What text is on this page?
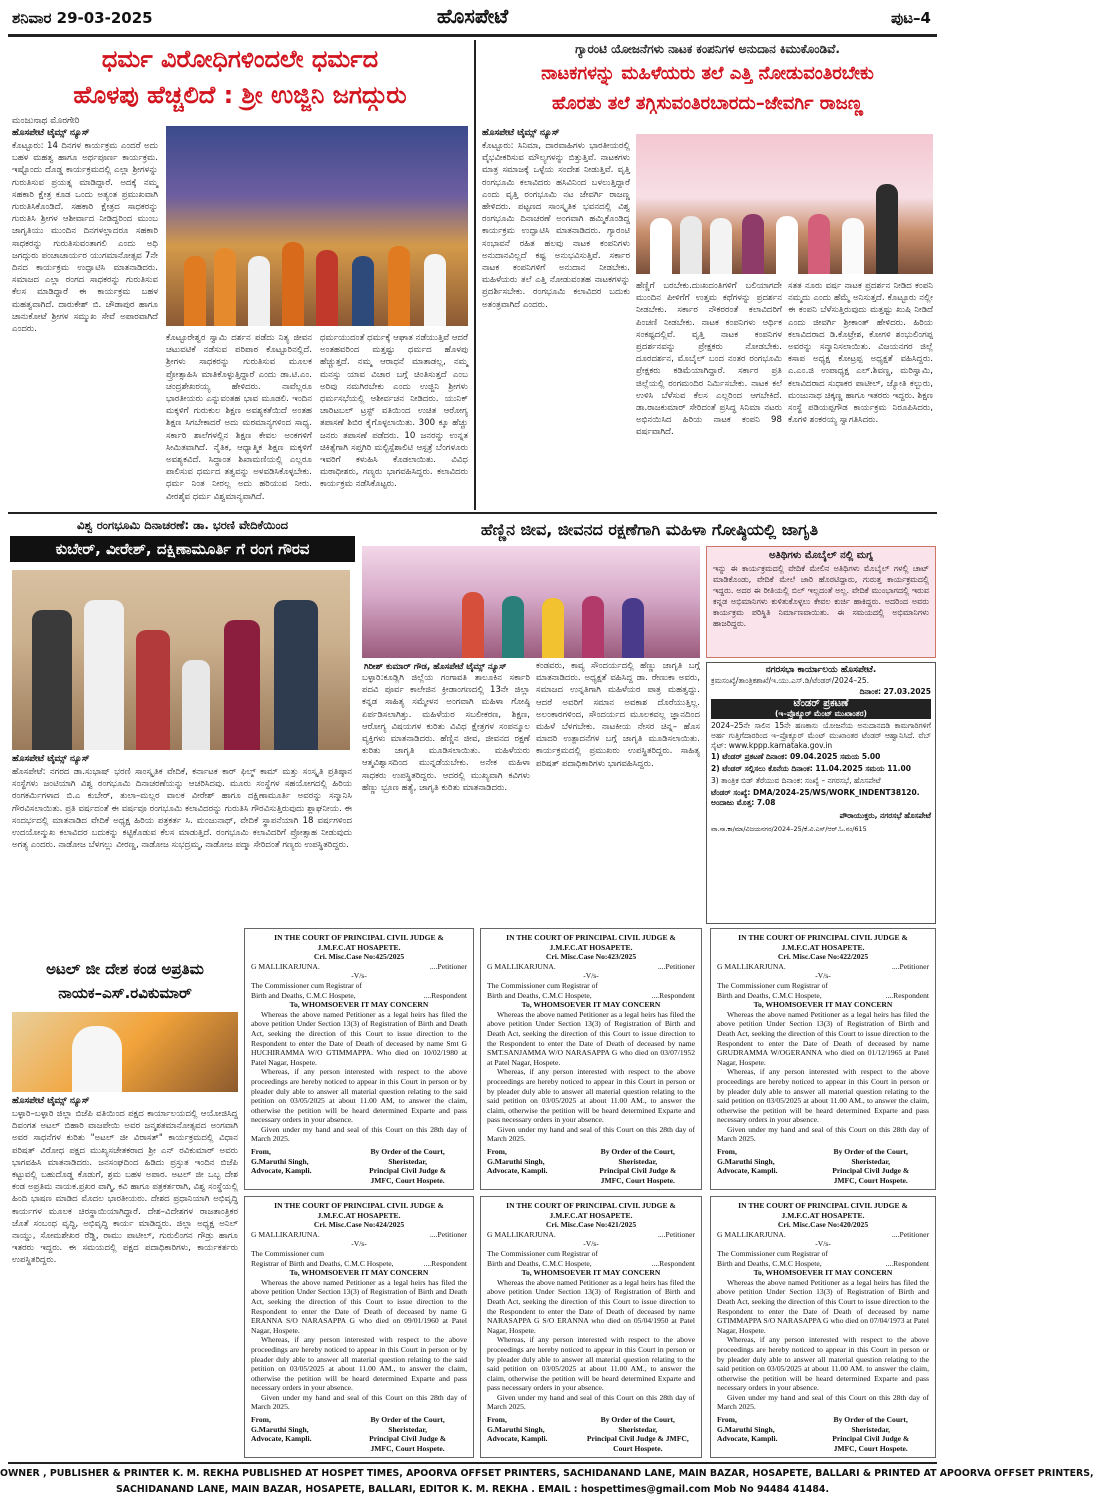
ಶನಿವಾರ 29-03-2025	ಹೊಸಪೇಟೆ	ಪುಟ–4
ಧರ್ಮ ವಿರೋಧಿಗಳಿಂದಲೇ ಧರ್ಮದ
ಹೊಳಪು ಹೆಚ್ಚಲಿದೆ : ಶ್ರೀ ಉಜ್ಜಿನಿ ಜಗದ್ಗುರು
ಮಂಜುನಾಥ ಮೊರಗೇರಿ
ಹೊಸಪೇಟೆ ಟೈಮ್ಸ್ ನ್ಯೂಸ್
ಕೊಟ್ಟೂರು: 14 ದಿನಗಳ ಕಾರ್ಯಕ್ರಮ ಎಂದರೆ ಅದು ಬಹಳ ಮಹತ್ವ ಹಾಗೂ ಅರ್ಥಪೂರ್ಣ ಕಾರ್ಯಕ್ರಮ. ಇಷ್ಟೊಂದು ದೊಡ್ಡ ಕಾರ್ಯಕ್ರಮದಲ್ಲಿ ಎಲ್ಲಾ ಶ್ರೀಗಳನ್ನು ಗುರುತಿಸುವ ಪ್ರಯತ್ನ ಮಾಡಿದ್ದಾರೆ. ಅದಕ್ಕೆ ನಮ್ಮ ಸಹಕಾರಿ ಕ್ಷೇತ್ರ ಕೂಡ ಒಂದು ಅತ್ಯಂತ ಪ್ರಮುಖವಾಗಿ ಗುರುತಿಸಿಕೊಂಡಿದೆ. ಸಹಕಾರಿ ಕ್ಷೇತ್ರದ ಸಾಧಕರನ್ನು ಗುರುತಿಸಿ ಶ್ರೀಗಳ ಆಶೀರ್ವಾದ ನೀಡಿದ್ದರಿಂದ ಮುಂಬ ಜಾಗೃತಿಯು ಮುಂದಿನ ದಿನಗಳಲ್ಲಾದರೂ ಸಹಕಾರಿ ಸಾಧಕರನ್ನು ಗುರುತಿಸುವಂತಾಗಲಿ ಎಂದು ಅಧಿ ಜಗದ್ಗುರು ಪಂಚಾಚಾರ್ಯರ ಯುಗಮಾನೋತ್ಸವ 7ನೇ ದಿನದ ಕಾರ್ಯಕ್ರಮ ಉದ್ಘಾಟಿಸಿ ಮಾತನಾಡಿದರು. ಸಮಾಜದ ಎಲ್ಲಾ ರಂಗದ ಸಾಧಕರನ್ನು ಗುರುತಿಸುವ ಕೆಲಸ ಮಾಡಿದ್ದಾರೆ ಈ ಕಾರ್ಯಕ್ರಮ ಬಹಳ ಮಹತ್ವವಾಗಿದೆ. ದಾರುಕೇಶ್ ಬಿ. ಚೌಡಾಪುರ ಹಾಗೂ ಚಾನುಕೋಟೆ ಶ್ರೀಗಳ ಸಮ್ಮುಖ ಸೇವೆ ಅಪಾರವಾಗಿದೆ ಎಂದರು.
ಕೊಟ್ಟೂರೇಶ್ವರ ಸ್ವಾಮಿ ದರ್ಶನ ಪಡೆದು ನಿತ್ಯ ಜೀವನ ಚಟುವಟಿಕೆ ನಡೆಸುವ ಪರಿಪಾಠ ಕೊಟ್ಟೂರಿನಲ್ಲಿದೆ. ಶ್ರೀಗಳು ಸಾಧಕರನ್ನು ಗುರುತಿಸುವ ಮೂಲಕ ಪ್ರೋತ್ಸಾಹಿಸಿ ಮಾತಿಕೊಳ್ಳುತ್ತಿದ್ದಾರೆ ಎಂದು ಡಾ.ಟಿ.ಎಂ. ಚಂದ್ರಶೇಖರಯ್ಯ ಹೇಳಿದರು. ನಾವೆಲ್ಲರೂ ಭಾರತೀಯರು ಎನ್ನುವಂತಹ ಭಾವ ಮೂಡಲಿ. ಇಂದಿನ ಮಕ್ಕಳಿಗೆ ಗುರುಕುಲ ಶಿಕ್ಷಣ ಅವಶ್ಯಕತೆಯಿದೆ ಅಂತಹ ಶಿಕ್ಷಣ ಸಿಗಬೇಕಾದರೆ ಅದು ಮಠಮಾನ್ಯಗಳಿಂದ ಸಾಧ್ಯ. ಸರ್ಕಾರಿ ಶಾಲೆಗಳಲ್ಲಿನ ಶಿಕ್ಷಣ ಕೇವಲ ಅಂಕಗಳಿಗೆ ಸೀಮಿತವಾಗಿದೆ. ನೈತಿಕ, ಆಧ್ಯಾತ್ಮಿಕ ಶಿಕ್ಷಣ ಮಕ್ಕಳಿಗೆ ಅವಶ್ಯಕವಿದೆ. ಸಿದ್ಧಾಂತ ಶಿಖಾಮಣಿಯಲ್ಲಿ ಎಲ್ಲರೂ ಪಾಲಿಸುವ ಧರ್ಮದ ತತ್ವವನ್ನು ಅಳವಡಿಸಿಕೊಳ್ಳಬೇಕು. ಧರ್ಮ ನಿಂತ ನೀರಲ್ಲ ಅದು ಹರಿಯುವ ನೀರು. ವೀರಶೈವ ಧರ್ಮ ವಿಶ್ವಮಾನ್ಯವಾಗಿದೆ.
ಧರ್ಮಯುದಂತೆ ಧರ್ಮಕ್ಕೆ ಆಘಾತ ನಡೆಯುತ್ತಿವೆ ಆದರೆ ಅಂತಹವರಿಂದ ಮತ್ತಷ್ಟು ಧರ್ಮದ ಹೊಳಪು ಹೆಚ್ಚುತ್ತದೆ. ನಮ್ಮ ಆರಾಧನೆ ಮಾತಾಡಲ್ಲ, ನಮ್ಮ ಮನಸ್ಸು ಯಾವ ವಿಚಾರ ಬಗ್ಗೆ ಚಿಂತಿಸುತ್ತದೆ ಎಂಬ ಅರಿವು ನಮಗಿರಬೇಕು ಎಂದು ಉಜ್ಜಿನಿ ಶ್ರೀಗಳು ಧರ್ಮಸಭೆಯಲ್ಲಿ ಆಶೀರ್ವಚನ ನೀಡಿದರು. ಯುನಿಕ್ ಚಾರಿಟಬಲ್ ಟ್ರಸ್ಟ್ ವತಿಯಿಂದ ಉಚಿತ ಆರೋಗ್ಯ ತಪಾಸಣೆ ಶಿಬಿರ ಕೈಗೊಳ್ಳಲಾಯಿತು. 300 ಕ್ಕೂ ಹೆಚ್ಚು ಜನರು ತಪಾಸಣೆ ಪಡೆದರು. 10 ಜನರನ್ನು ಉನ್ನತ ಚಿಕಿತ್ಸೆಗಾಗಿ ಸಪ್ತಗಿರಿ ಮಲ್ಟಿಸ್ಪೆಶಾಲಿಟಿ ಆಸ್ಪತ್ರೆ ಬೆಂಗಳೂರು ಇವರಿಗೆ ಕಳುಹಿಸಿ ಕೊಡಲಾಯಿತು. ವಿವಿಧ ಮಠಾಧೀಶರು, ಗಣ್ಯರು ಭಾಗವಹಿಸಿದ್ದರು. ಕಲಾವಿದರು ಕಾರ್ಯಕ್ರಮ ನಡೆಸಿಕೊಟ್ಟರು.
ಗ್ಯಾರಂಟಿ ಯೋಜನೆಗಳು ನಾಟಕ ಕಂಪನಿಗಳ ಅನುದಾನ ಕಿಮುಕೊಂಡಿವೆ.
ನಾಟಕಗಳನ್ನು ಮಹಿಳೆಯರು ತಲೆ ಎತ್ತಿ ನೋಡುವಂತಿರಬೇಕು
ಹೊರತು ತಲೆ ತಗ್ಗಿಸುವಂತಿರಬಾರದು–ಜೇವರ್ಗಿ ರಾಜಣ್ಣ
ಹೊಸಪೇಟೆ ಟೈಮ್ಸ್ ನ್ಯೂಸ್
ಕೊಟ್ಟೂರು: ಸಿನಿಮಾ, ದಾರವಾಹಿಗಳು ಭಾರತೀಯರಲ್ಲಿ ವೈಭವೀಕರಿಸುವ ಮೌಲ್ಯಗಳನ್ನು ಬಿತ್ತುತ್ತಿವೆ. ನಾಟಕಗಳು ಮಾತ್ರ ಸಮಾಜಕ್ಕೆ ಒಳ್ಳೆಯ ಸಂದೇಶ ನೀಡುತ್ತಿವೆ. ವೃತ್ತಿ ರಂಗಭೂಮಿ ಕಲಾವಿದರು ಹಸಿವಿನಿಂದ ಬಳಲುತ್ತಿದ್ದಾರೆ ಎಂದು ವೃತ್ತಿ ರಂಗಭೂಮಿ ನಟ ಜೇವರ್ಗಿ ರಾಜಣ್ಣ ಹೇಳಿದರು. ಪಟ್ಟಣದ ಸಾಂಸ್ಕೃತಿಕ ಭವನದಲ್ಲಿ ವಿಶ್ವ ರಂಗಭೂಮಿ ದಿನಾಚರಣೆ ಅಂಗವಾಗಿ ಹಮ್ಮಿಕೊಂಡಿದ್ದ ಕಾರ್ಯಕ್ರಮ ಉದ್ಘಾಟಿಸಿ ಮಾತನಾಡಿದರು. ಗ್ಯಾರಂಟಿ ಸಂಭಾವನೆ ರಹಿತ ಹಲವು ನಾಟಕ ಕಂಪನಿಗಳು ಅನುದಾನವಿಲ್ಲದೆ ಕಷ್ಟ ಅನುಭವಿಸುತ್ತಿವೆ. ಸರ್ಕಾರ ನಾಟಕ ಕಂಪನಿಗಳಿಗೆ ಅನುದಾನ ನೀಡಬೇಕು. ಮಹಿಳೆಯರು ತಲೆ ಎತ್ತಿ ನೋಡುವಂತಹ ನಾಟಕಗಳನ್ನು ಪ್ರದರ್ಶಿಸಬೇಕು. ರಂಗಭೂಮಿ ಕಲಾವಿದರ ಬದುಕು ಅತಂತ್ರವಾಗಿದೆ ಎಂದರು.
ಹೆಣ್ಣಿಗೆ ಬರಬೇಕು.ದುಃಖದಂತಿಗಳಿಗೆ ಬಲಿಯಾಗದೇ ಮುಂದಿನ ಪೀಳಿಗೆಗೆ ಉತ್ತಮ ಕಥೆಗಳನ್ನು ಪ್ರದರ್ಶನ ನೀಡಬೇಕು. ಸರ್ಕಾರ ನೌಕರರಂತೆ ಕಲಾವಿದರಿಗೆ ಪಿಂಚಣಿ ನೀಡಬೇಕು. ನಾಟಕ ಕಂಪನಿಗಳು ಆರ್ಥಿಕ ಸಂಕಷ್ಟದಲ್ಲಿವೆ. ವೃತ್ತಿ ನಾಟಕ ಕಂಪನಿಗಳ ಪ್ರದರ್ಶನವನ್ನು ಪ್ರೇಕ್ಷಕರು ನೋಡಬೇಕು. ದೂರದರ್ಶನ, ಮೊಬೈಲ್ ಬಂದ ನಂತರ ರಂಗಭೂಮಿ ಪ್ರೇಕ್ಷಕರು ಕಡಿಮೆಯಾಗಿದ್ದಾರೆ. ಸರ್ಕಾರ ಪ್ರತಿ ಜಿಲ್ಲೆಯಲ್ಲಿ ರಂಗಮಂದಿರ ನಿರ್ಮಿಸಬೇಕು. ನಾಟಕ ಕಲೆ ಉಳಿಸಿ ಬೆಳೆಸುವ ಕೆಲಸ ಎಲ್ಲರಿಂದ ಆಗಬೇಕಿದೆ. ಡಾ.ರಾಜಕುಮಾರ್ ಸೇರಿದಂತೆ ಪ್ರಸಿದ್ಧ ಸಿನಿಮಾ ನಟರು ಅಭಿನಯಿಸಿದ ಹಿರಿಯ ನಾಟಕ ಕಂಪನಿ 98 ವರ್ಷವಾಗಿದೆ.
ಸತತ ನೂರು ವರ್ಷ ನಾಟಕ ಪ್ರದರ್ಶನ ನೀಡಿದ ಕಂಪನಿ ನಮ್ಮದು ಎಂದು ಹೆಮ್ಮೆ ಅನಿಸುತ್ತದೆ. ಕೊಟ್ಟೂರು ನಲ್ಲೀ ಈ ಕಂಪನಿ ಬೆಳೆಸುತ್ತಿರುವುದು ಮತ್ತಷ್ಟು ಖುಷಿ ನೀಡಿದೆ ಎಂದು ಜೀವರ್ಗಿ ಶ್ರೀಕಾಂತ್ ಹೇಳಿದರು. ಹಿರಿಯ ಕಲಾವಿದರಾದ ಡಿ.ಕೊಟ್ರೇಶ, ಕೋಗಳಿ ಶಂಭುಲಿಂಗಪ್ಪ ಅವರನ್ನು ಸನ್ಮಾನಿಸಲಾಯಿತು. ವಿಜಯನಗರ ಜಿಲ್ಲೆ ಕಸಾಪ ಅಧ್ಯಕ್ಷ ಕೋಟ್ರಪ್ಪ ಅಧ್ಯಕ್ಷತೆ ವಹಿಸಿದ್ದರು. ಎ.ಎಂ.ಜಿ ಉಪಾಧ್ಯಕ್ಷ ಎಲ್.ಶಿವಣ್ಣ, ಮರಿಸ್ವಾಮಿ, ಕಲಾವಿದರಾದ ಸುಧಾಕರ ಪಾಟೀಲ್, ಜ್ಯೋತಿ ಕಲ್ಬುರು, ಮಂಜುನಾಥ ಚಿಕ್ಕಣ್ಣ ಹಾಗೂ ಇತರರು ಇದ್ದರು. ಶಿಕ್ಷಣ ಸಂಸ್ಥೆ ಪಡಿಯಪ್ಪಗೌಡ ಕಾರ್ಯಕ್ರಮ ನಿರೂಪಿಸಿದರು, ಕೊಗಳಿ ಶಂಕರಯ್ಯ ಸ್ವಾಗತಿಸಿದರು.
ವಿಶ್ವ ರಂಗಭೂಮಿ ದಿನಾಚರಣೆ: ಡಾ. ಭರಣಿ ವೇದಿಕೆಯಿಂದ
ಕುಬೇರ್, ವೀರೇಶ್, ದಕ್ಷಿಣಾಮೂರ್ತಿ ಗೆ ರಂಗ ಗೌರವ
ಹೊಸಪೇಟೆ ಟೈಮ್ಸ್ ನ್ಯೂಸ್
ಹೊಸಪೇಟೆ: ನಗರದ ಡಾ.ಸುಭಾಷ್ ಭರಣಿ ಸಾಂಸ್ಕೃತಿಕ ವೇದಿಕೆ, ಕರ್ನಾಟಕ ಕಾರ್ ಫಿಲ್ಮ್ ಕಾಮ್ ಮತ್ತು ಸಂಸ್ಕೃತಿ ಪ್ರತಿಷ್ಠಾನ ಸಂಸ್ಥೆಗಳು ಜಂಟಿಯಾಗಿ ವಿಶ್ವ ರಂಗಭೂಮಿ ದಿನಾಚರಣೆಯನ್ನು ಆಚರಿಸಿದವು. ಮೂರು ಸಂಸ್ಥೆಗಳ ಸಹಯೋಗದಲ್ಲಿ ಹಿರಿಯ ರಂಗಕರ್ಮಿಗಳಾದ ಬಿ.ಎ ಕುಬೇರ್, ತುಲಾ–ಮಲ್ಲರ ವಾಲಕ ವೀರೇಶ್ ಹಾಗೂ ದಕ್ಷಿಣಾಮೂರ್ತಿ ಅವರನ್ನು ಸನ್ಮಾನಿಸಿ ಗೌರವಿಸಲಾಯಿತು. ಪ್ರತಿ ವರ್ಷದಂತೆ ಈ ವರ್ಷವೂ ರಂಗಭೂಮಿ ಕಲಾವಿದರನ್ನು ಗುರುತಿಸಿ ಗೌರವಿಸುತ್ತಿರುವುದು ಶ್ಲಾಘನೀಯ. ಈ ಸಂದರ್ಭದಲ್ಲಿ ಮಾತನಾಡಿದ ವೇದಿಕೆ ಅಧ್ಯಕ್ಷ ಹಿರಿಯ ಪತ್ರಕರ್ತ ಸಿ. ಮಂಜುನಾಥ್, ವೇದಿಕೆ ಸ್ಥಾಪನೆಯಾಗಿ 18 ವರ್ಷಗಳಿಂದ ಉದಯೋನ್ಮುಖ ಕಲಾವಿದರ ಬದುಕನ್ನು ಕಟ್ಟಿಕೊಡುವ ಕೆಲಸ ಮಾಡುತ್ತಿದೆ. ರಂಗಭೂಮಿ ಕಲಾವಿದರಿಗೆ ಪ್ರೋತ್ಸಾಹ ನೀಡುವುದು ಅಗತ್ಯ ಎಂದರು. ನಾಡೋಜ ಬೆಳಗಲ್ಲು ವೀರಣ್ಣ, ನಾಡೋಜ ಸುಭದ್ರಮ್ಮ, ನಾಡೋಜ ಪದ್ಮಾ ಸೇರಿದಂತೆ ಗಣ್ಯರು ಉಪಸ್ಥಿತರಿದ್ದರು.
ಅಟಲ್ ಜೀ ದೇಶ ಕಂಡ ಅಪ್ರತಿಮ
ನಾಯಕ–ಎಸ್.ರವಿಕುಮಾರ್
ಹೊಸಪೇಟೆ ಟೈಮ್ಸ್ ನ್ಯೂಸ್
ಬಳ್ಳಾರಿ–ಬಳ್ಳಾರಿ ಜಿಲ್ಲಾ ಬಿಜೆಪಿ ವತಿಯಿಂದ ಪಕ್ಷದ ಕಾರ್ಯಾಲಯದಲ್ಲಿ ಆಯೋಜಿಸಿದ್ದ ದಿವಂಗತ ಅಟಲ್ ಬಿಹಾರಿ ವಾಜಪೇಯಿ ಅವರ ಜನ್ಮಶತಮಾನೋತ್ಸವದ ಅಂಗವಾಗಿ ಅವರ ಸಾಧನೆಗಳ ಕುರಿತು "ಅಟಲ್ ಜೀ ವಿರಾಸತ್" ಕಾರ್ಯಕ್ರಮದಲ್ಲಿ ವಿಧಾನ ಪರಿಷತ್ ವಿರೋಧ ಪಕ್ಷದ ಮುಖ್ಯಸಚೇತಕರಾದ ಶ್ರೀ ಎನ್ ರವಿಕುಮಾರ್ ಅವರು ಭಾಗವಹಿಸಿ ಮಾತನಾಡಿದರು. ಜನಸಂಘದಿಂದ ಹಿಡಿದು ಪ್ರಸ್ತುತ ಇಂದಿನ ಬಿಜೆಪಿ ಕಟ್ಟುವಲ್ಲಿ ಬಹುದೊಡ್ಡ ಕೊಡುಗೆ, ಶ್ರಮ ಬಹಳ ಅಪಾರ. ಅಟಲ್ ಜೀ ಒಬ್ಬ ದೇಶ ಕಂಡ ಅಪ್ರತಿಮ ನಾಯಕ.ಪ್ರಖರ ವಾಗ್ಮಿ, ಕವಿ ಹಾಗೂ ಪತ್ರಕರ್ತರಾಗಿ, ವಿಶ್ವ ಸಂಸ್ಥೆಯಲ್ಲಿ ಹಿಂದಿ ಭಾಷಣ ಮಾಡಿದ ಮೊದಲ ಭಾರತೀಯರು. ದೇಶದ ಪ್ರಧಾನಿಯಾಗಿ ಅಭಿವೃದ್ಧಿ ಕಾರ್ಯಗಳ ಮೂಲಕ ಚಿರಸ್ಥಾಯಿಯಾಗಿದ್ದಾರೆ. ದೇಶ–ವಿದೇಶಗಳ ರಾಜತಾಂತ್ರಿಕರ ಜೊತೆ ಸಂಬಂಧ ವೃದ್ಧಿ, ಅಭಿವೃದ್ಧಿ ಕಾರ್ಯ ಮಾಡಿದ್ದರು. ಜಿಲ್ಲಾ ಅಧ್ಯಕ್ಷ ಅನಿಲ್ ನಾಯ್ಡು, ಸೋಮಶೇಖರ ರೆಡ್ಡಿ, ರಾಮು ಪಾಟೀಲ್, ಗುರುಲಿಂಗನ ಗೌಡ್ರು ಹಾಗೂ ಇತರರು ಇದ್ದರು. ಈ ಸಮಯದಲ್ಲಿ ಪಕ್ಷದ ಪದಾಧಿಕಾರಿಗಳು, ಕಾರ್ಯಕರ್ತರು ಉಪಸ್ಥಿತರಿದ್ದರು.
ಹೆಣ್ಣಿನ ಜೀವ, ಜೀವನದ ರಕ್ಷಣೆಗಾಗಿ ಮಹಿಳಾ ಗೋಷ್ಠಿಯಲ್ಲಿ ಜಾಗೃತಿ
ಅತಿಥಿಗಳು ಮೊಬೈಲ್ ನಲ್ಲಿ ಮಗ್ನ
ಇನ್ನು ಈ ಕಾರ್ಯಕ್ರಮದಲ್ಲಿ ವೇದಿಕೆ ಮೇಲಿನ ಅತಿಥಿಗಳು ಮೊಬೈಲ್ ಗಳಲ್ಲಿ ಚಾಟ್ ಮಾಡಿಕೊಂಡು, ವೇದಿಕೆ ಮೇಲೆ ಜಾರಿ ಹೊರಟಿದ್ದಾರು, ಗುರುತ್ತ ಕಾರ್ಯಕ್ರಮದಲ್ಲಿ ಇದ್ದರು. ಅದರ ಈ ರೀತಿಯಲ್ಲಿ ಬಿಲ್ ಇಲ್ಲದಂತೆ ಅಲ್ಲ. ವೇದಿಕೆ ಮುಂಭಾಗದಲ್ಲಿ ಇರುವ ಕನ್ನಡ ಅಭಿಮಾನಿಗಳು ಕುಳಿತುಕೊಳ್ಳಲು ಕೇವಲ ಕುರ್ಚಿ ಹಾಕಿದ್ದರು. ಅದರಿಂದ ಅವರು ಕಾರ್ಯಕ್ರಮ ಪರಿಸ್ಥಿತಿ ನಿರ್ಮಾಣವಾಯಿತು. ಈ ಸಮಯದಲ್ಲಿ ಅಭಿಮಾನಿಗಳು ಹಾಜರಿದ್ದರು.
ಗಿರೀಶ್ ಕುಮಾರ್ ಗೌಡ, ಹೊಸಪೇಟೆ ಟೈಮ್ಸ್ ನ್ಯೂಸ್
ಬಳ್ಳಾರಿ:ಕೂಡ್ಲಿಗಿ ಜಿಲ್ಲೆಯ ಗಂಗಾವತಿ ತಾಲೂಕಿನ ಸರ್ಕಾರಿ ಪದವಿ ಪೂರ್ವ ಕಾಲೇಜಿನ ಕ್ರೀಡಾಂಗಣದಲ್ಲಿ 13ನೇ ಜಿಲ್ಲಾ ಕನ್ನಡ ಸಾಹಿತ್ಯ ಸಮ್ಮೇಳನ ಅಂಗವಾಗಿ ಮಹಿಳಾ ಗೋಷ್ಠಿ ಏರ್ಪಡಿಸಲಾಗಿತ್ತು. ಮಹಿಳೆಯರ ಸಬಲೀಕರಣ, ಶಿಕ್ಷಣ, ಆರೋಗ್ಯ ವಿಷಯಗಳ ಕುರಿತು ವಿವಿಧ ಕ್ಷೇತ್ರಗಳ ಸಂಪನ್ಮೂಲ ವ್ಯಕ್ತಿಗಳು ಮಾತನಾಡಿದರು. ಹೆಣ್ಣಿನ ಜೀವ, ಜೀವನದ ರಕ್ಷಣೆ ಕುರಿತು ಜಾಗೃತಿ ಮೂಡಿಸಲಾಯಿತು. ಮಹಿಳೆಯರು ಆತ್ಮವಿಶ್ವಾಸದಿಂದ ಮುನ್ನಡೆಯಬೇಕು. ಅನೇಕ ಮಹಿಳಾ ಸಾಧಕರು ಉಪಸ್ಥಿತರಿದ್ದರು. ಆದರಲ್ಲಿ ಮುಖ್ಯವಾಗಿ ಕವಿಗಳು ಹೆಣ್ಣು ಭ್ರೂಣ ಹತ್ಯೆ, ಜಾಗೃತಿ ಕುರಿತು ಮಾತನಾಡಿದರು.
ಕಂಡವರು, ಕಾವ್ಯ ಸೌಂದರ್ಯದಲ್ಲಿ ಹೆಣ್ಣು ಜಾಗೃತಿ ಬಗ್ಗೆ ಮಾತನಾಡಿದರು. ಅಧ್ಯಕ್ಷತೆ ವಹಿಸಿದ್ದ ಡಾ. ರೇಣುಕಾ ಅವರು, ಸಮಾಜದ ಉನ್ನತಿಗಾಗಿ ಮಹಿಳೆಯರ ಪಾತ್ರ ಮಹತ್ವದ್ದು. ಆದರೆ ಅವರಿಗೆ ಸಮಾನ ಅವಕಾಶ ದೊರೆಯುತ್ತಿಲ್ಲ. ಅಲಂಕಾರಗಳಿಂದ, ಸೌಂದರ್ಯದ ಮೂಲಕವಲ್ಲ ಜ್ಞಾನದಿಂದ ಮಹಿಳೆ ಬೆಳಗಬೇಕು. ನಾಟಕೀಯ ನೇಸರ ಚಿನ್ನ– ಹೊಸ ಮಾದರಿ ಉತ್ಪಾದನೆಗಳ ಬಗ್ಗೆ ಜಾಗೃತಿ ಮೂಡಿಸಲಾಯಿತು. ಕಾರ್ಯಕ್ರಮದಲ್ಲಿ ಪ್ರಮುಖರು ಉಪಸ್ಥಿತರಿದ್ದರು. ಸಾಹಿತ್ಯ ಪರಿಷತ್ ಪದಾಧಿಕಾರಿಗಳು ಭಾಗವಹಿಸಿದ್ದರು.
ನಗರಸಭಾ ಕಾರ್ಯಾಲಯ ಹೊಸಪೇಟೆ.
ಕ್ರಮಸಂಖ್ಯೆ/ತಾಂತ್ರಿಕಶಾಖೆ/ಇ.ಯು.ಎಸ್.ಡಿ/ಟೆಂಡರ್/2024–25.
ದಿನಾಂಕ: 27.03.2025
ಟೆಂಡರ್‌ ಪ್ರಕಟಣೆ
(ಇ–ಪ್ರೊಕ್ಯೂರ್ ಮೆಂಟ್ ಮುಖಾಂತರ)
2024–25ನೇ ಸಾಲಿನ 15ನೇ ಹಣಕಾಸು ಯೋಜನೆಯ ಅನುದಾನದಡಿ ಕಾಮಗಾರಿಗಳಿಗೆ ಅರ್ಹ ಗುತ್ತಿಗೆದಾರರಿಂದ ಇ–ಪ್ರೊಕ್ಯೂರ್ ಮೆಂಟ್ ಮುಖಾಂತರ ಟೆಂಡರ್ ಆಹ್ವಾನಿಸಿದೆ. ವೆಬ್ ಸೈಟ್: www.kppp.karnataka.gov.in
1) ಟೆಂಡರ್ ಪ್ರಕಟಣೆ ದಿನಾಂಕ: 09.04.2025 ಸಮಯ 5.00
2) ಟೆಂಡರ್ ಸಲ್ಲಿಸಲು ಕೊನೆಯ ದಿನಾಂಕ: 11.04.2025 ಸಮಯ 11.00
3) ತಾಂತ್ರಿಕ ಬಿಡ್ ತೆರೆಯುವ ದಿನಾಂಕ: ಸಂಖ್ಯೆ – ನಗರಸಭೆ, ಹೊಸಪೇಟೆ
ಟೆಂಡರ್ ಸಂಖ್ಯೆ: DMA/2024-25/WS/WORK_INDENT38120. ಅಂದಾಜು ಮೊತ್ತ: 7.08
ಪೌರಾಯುಕ್ತರು, ನಗರಸಭೆ ಹೊಸಪೇಟೆ
ವಾ.ಸಾ.ಕಾ/ಮಾ/ವಿಜಯನಗರ/2024–25/ಕೆ.ವಿ.ಎಸ್/ಆರ್.ಓ.ನಂ/615
IN THE COURT OF PRINCIPAL CIVIL JUDGE &
J.M.F.C.AT HOSAPETE.
Cri. Misc.Case No:425/2025
G MALLIKARJUNA.	....Petitioner
-V/s-
The Commissioner cum Registrar of
Birth and Deaths, C.M.C Hospete,	....Respondent
To, WHOMSOEVER IT MAY CONCERN
Whereas the above named Petitioner as a legal heirs has filed the above petition Under Section 13(3) of Registration of Birth and Death Act, seeking the direction of this Court to issue direction to the Respondent to enter the Date of Death of deceased by name Smt G HUCHIRAMMA W/O GTIMMAPPA. Who died on 10/02/1980 at Patel Nagar, Hospete.
Whereas, if any person interested with respect to the above proceedings are hereby noticed to appear in this Court in person or by pleader duly able to answer all material question relating to the said petition on 03/05/2025 at about 11.00 AM, to answer the claim, otherwise the petition will be heard determined Exparte and pass necessary orders in your absence.
Given under my hand and seal of this Court on this 28th day of March 2025.
From,
G.Maruthi Singh,
Advocate, Kampli.
By Order of the Court,
Sheristedar,
Principal Civil Judge &
JMFC, Court Hospete.
IN THE COURT OF PRINCIPAL CIVIL JUDGE &
J.M.F.C.AT HOSAPETE.
Cri. Misc.Case No:423/2025
G MALLIKARJUNA.	....Petitioner
-V/s-
The Commissioner cum Registrar of
Birth and Deaths, C.M.C Hospete,	....Respondent
To, WHOMSOEVER IT MAY CONCERN
Whereas the above named Petitioner as a legal heirs has filed the above petition Under Section 13(3) of Registration of Birth and Death Act, seeking the direction of this Court to issue direction to the Respondent to enter the Date of Death of deceased by name SMT.SANJAMMA W/O NARASAPPA G who died on 03/07/1952 at Patel Nagar, Hospete.
Whereas, if any person interested with respect to the above proceedings are hereby noticed to appear in this Court in person or by pleader duly able to answer all material question relating to the said petition on 03/05/2025 at about 11.00 AM., to answer the claim, otherwise the petition will be heard determined Exparte and pass necessary orders in your absence.
Given under my hand and seal of this Court on this 28th day of March 2025.
From,
G.Maruthi Singh,
Advocate, Kampli.
By Order of the Court,
Sheristedar,
Principal Civil Judge &
JMFC, Court Hospete.
IN THE COURT OF PRINCIPAL CIVIL JUDGE &
J.M.F.C.AT HOSAPETE.
Cri. Misc.Case No:422/2025
G MALLIKARJUNA.	....Petitioner
-V/s-
The Commissioner cum Registrar of
Birth and Deaths, C.M.C Hospete,	....Respondent
To, WHOMSOEVER IT MAY CONCERN
Whereas the above named Petitioner as a legal heirs has filed the above petition Under Section 13(3) of Registration of Birth and Death Act, seeking the direction of this Court to issue direction to the Respondent to enter the Date of Death of deceased by name GRUDRAMMA W/OGERANNA who died on 01/12/1965 at Patel Nagar, Hospete.
Whereas, if any person interested with respect to the above proceedings are hereby noticed to appear in this Court in person or by pleader duly able to answer all material question relating to the said petition on 03/05/2025 at about 11.00 AM., to answer the claim, otherwise the petition will be heard determined Exparte and pass necessary orders in your absence.
Given under my hand and seal of this Court on this 28th day of March 2025.
From,
G.Maruthi Singh,
Advocate, Kampli.
By Order of the Court,
Sheristedar,
Principal Civil Judge &
JMFC, Court Hospete.
IN THE COURT OF PRINCIPAL CIVIL JUDGE &
J.M.F.C.AT HOSAPETE.
Cri. Misc.Case No:424/2025
G MALLIKARJUNA.	....Petitioner
-V/s-
The Commissioner cum
Registrar of Birth and Deaths, C.M.C Hospete,	....Respondent
To, WHOMSOEVER IT MAY CONCERN
Whereas the above named Petitioner as a legal heirs has filed the above petition Under Section 13(3) of Registration of Birth and Death Act, seeking the direction of this Court to issue direction to the Respondent to enter the Date of Death of deceased by name G ERANNA S/O NARASAPPA G who died on 09/01/1960 at Patel Nagar, Hospete.
Whereas, if any person interested with respect to the above proceedings are hereby noticed to appear in this Court in person or by pleader duly able to answer all material question relating to the said petition on 03/05/2025 at about 11.00 AM., to answer the claim, otherwise the petition will be heard determined Exparte and pass necessary orders in your absence.
Given under my hand and seal of this Court on this 28th day of March 2025.
From,
G.Maruthi Singh,
Advocate, Kampli.
By Order of the Court,
Sheristedar,
Principal Civil Judge &
JMFC, Court Hospete.
IN THE COURT OF PRINCIPAL CIVIL JUDGE &
J.M.F.C.AT HOSAPETE.
Cri. Misc.Case No:421/2025
G MALLIKARJUNA.	....Petitioner
-V/s-
The Commissioner cum Registrar of
Birth and Deaths, C.M.C Hospete,	....Respondent
To, WHOMSOEVER IT MAY CONCERN
Whereas the above named Petitioner as a legal heirs has filed the above petition Under Section 13(3) of Registration of Birth and Death Act, seeking the direction of this Court to issue direction to the Respondent to enter the Date of Death of deceased by name NARASAPPA G S/O ERANNA who died on 05/04/1950 at Patel Nagar, Hospete.
Whereas, if any person interested with respect to the above proceedings are hereby noticed to appear in this Court in person or by pleader duly able to answer all material question relating to the said petition on 03/05/2025 at about 11.00 AM., to answer the claim, otherwise the petition will be heard determined Exparte and pass necessary orders in your absence.
Given under my hand and seal of this Court on this 28th day of March 2025.
From,
G.Maruthi Singh,
Advocate, Kampli.
By Order of the Court,
Sheristedar,
Principal Civil Judge & JMFC,
Court Hospete.
IN THE COURT OF PRINCIPAL CIVIL JUDGE &
J.M.F.C.AT HOSAPETE.
Cri. Misc.Case No:420/2025
G MALLIKARJUNA.	....Petitioner
-V/s-
The Commissioner cum Registrar of
Birth and Deaths, C.M.C Hospete,	....Respondent
To, WHOMSOEVER IT MAY CONCERN
Whereas the above named Petitioner as a legal heirs has filed the above petition Under Section 13(3) of Registration of Birth and Death Act, seeking the direction of this Court to issue direction to the Respondent to enter the Date of Death of deceased by name GTIMMAPPA S/O NARASAPPA G who died on 07/04/1973 at Patel Nagar, Hospete.
Whereas, if any person interested with respect to the above proceedings are hereby noticed to appear in this Court in person or by pleader duly able to answer all material question relating to the said petition on 03/05/2025 at about 11.00 AM. to answer the claim, otherwise the petition will be heard determined Exparte and pass necessary orders in your absence.
Given under my hand and seal of this Court on this 28th day of March 2025.
From,
G.Maruthi Singh,
Advocate, Kampli.
By Order of the Court,
Sheristedar,
Principal Civil Judge &
JMFC, Court Hospete.
OWNER , PUBLISHER & PRINTER K. M. REKHA PUBLISHED AT HOSPET TIMES, APOORVA OFFSET PRINTERS, SACHIDANAND LANE, MAIN BAZAR, HOSAPETE, BALLARI & PRINTED AT APOORVA OFFSET PRINTERS,
SACHIDANAND LANE, MAIN BAZAR, HOSAPETE, BALLARI, EDITOR K. M. REKHA . EMAIL : hospettimes@gmail.com Mob No 94484 41484.
